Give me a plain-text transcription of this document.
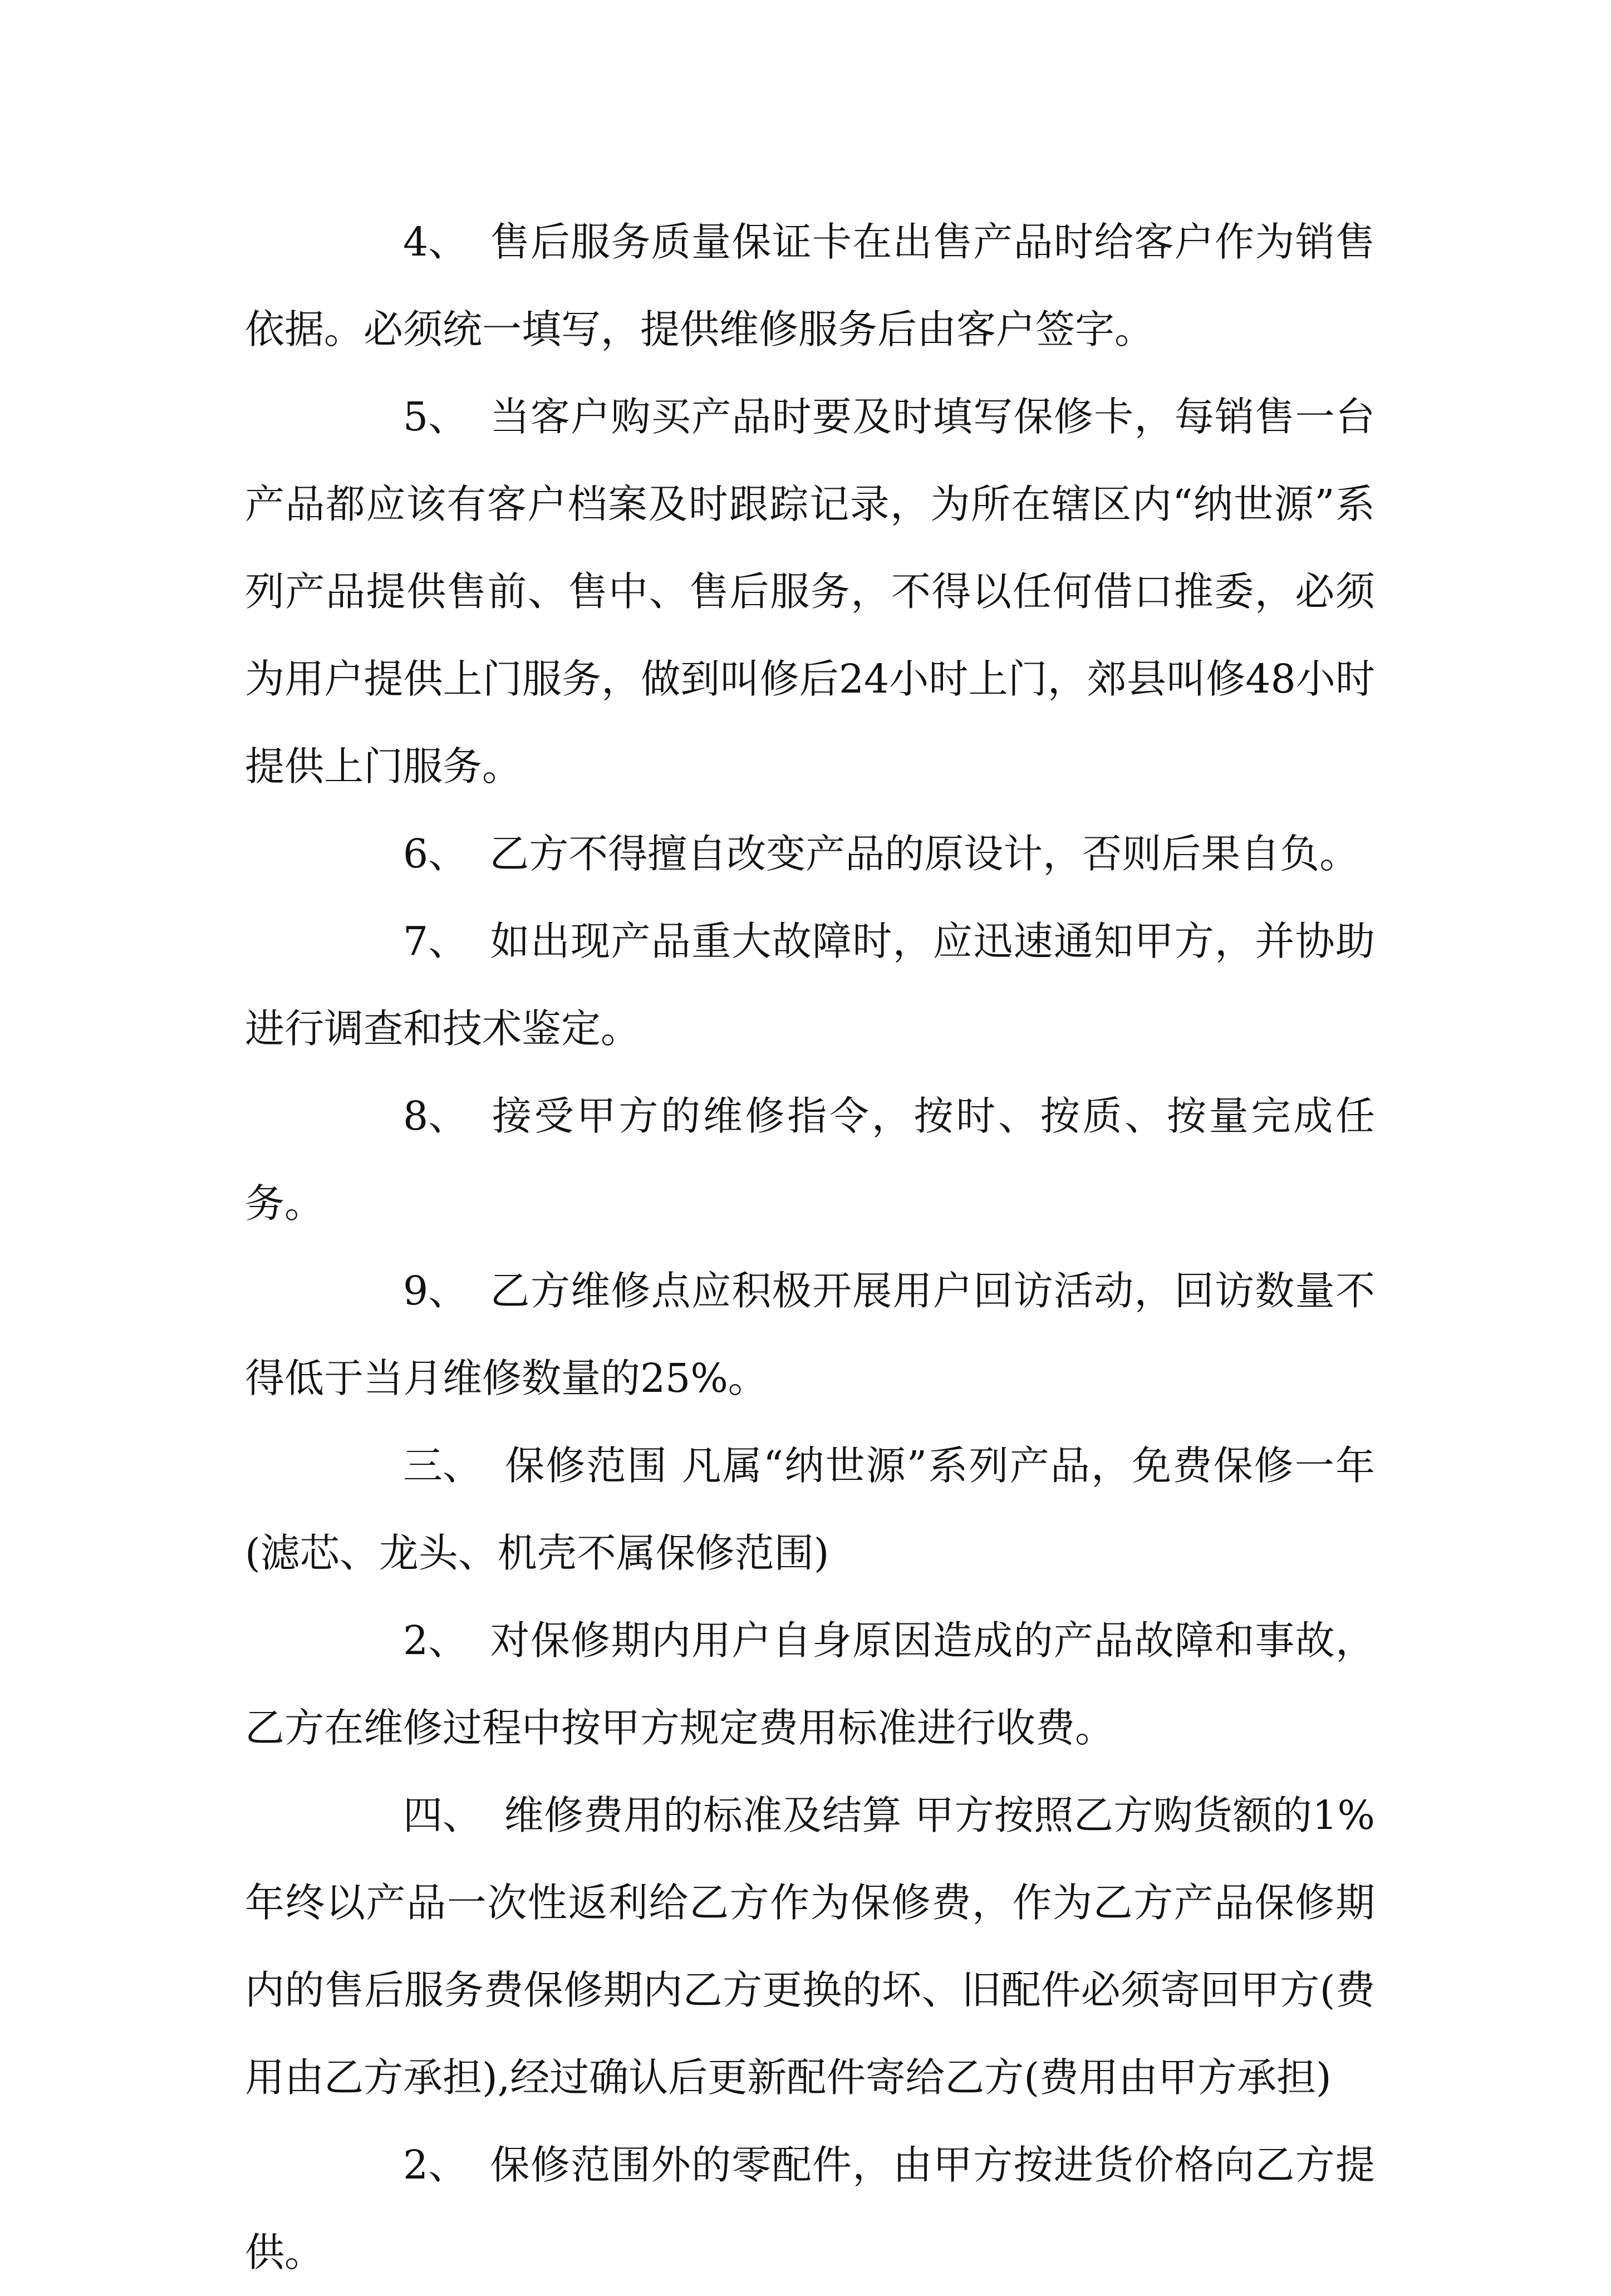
4、 售后服务质量保证卡在出售产品时给客户作为销售依据。必须统一填写，提供维修服务后由客户签字。

5、 当客户购买产品时要及时填写保修卡，每销售一台产品都应该有客户档案及时跟踪记录，为所在辖区内“纳世源”系列产品提供售前、售中、售后服务，不得以任何借口推委，必须为用户提供上门服务，做到叫修后24小时上门，郊县叫修48小时提供上门服务。

6、 乙方不得擅自改变产品的原设计，否则后果自负。

7、 如出现产品重大故障时，应迅速通知甲方，并协助进行调查和技术鉴定。

8、 接受甲方的维修指令，按时、按质、按量完成任务。

9、 乙方维修点应积极开展用户回访活动，回访数量不得低于当月维修数量的25%。

三、 保修范围 凡属“纳世源”系列产品，免费保修一年(滤芯、龙头、机壳不属保修范围)

2、 对保修期内用户自身原因造成的产品故障和事故，乙方在维修过程中按甲方规定费用标准进行收费。

四、 维修费用的标准及结算 甲方按照乙方购货额的1%年终以产品一次性返利给乙方作为保修费，作为乙方产品保修期内的售后服务费保修期内乙方更换的坏、旧配件必须寄回甲方(费用由乙方承担),经过确认后更新配件寄给乙方(费用由甲方承担)

2、 保修范围外的零配件，由甲方按进货价格向乙方提供。
